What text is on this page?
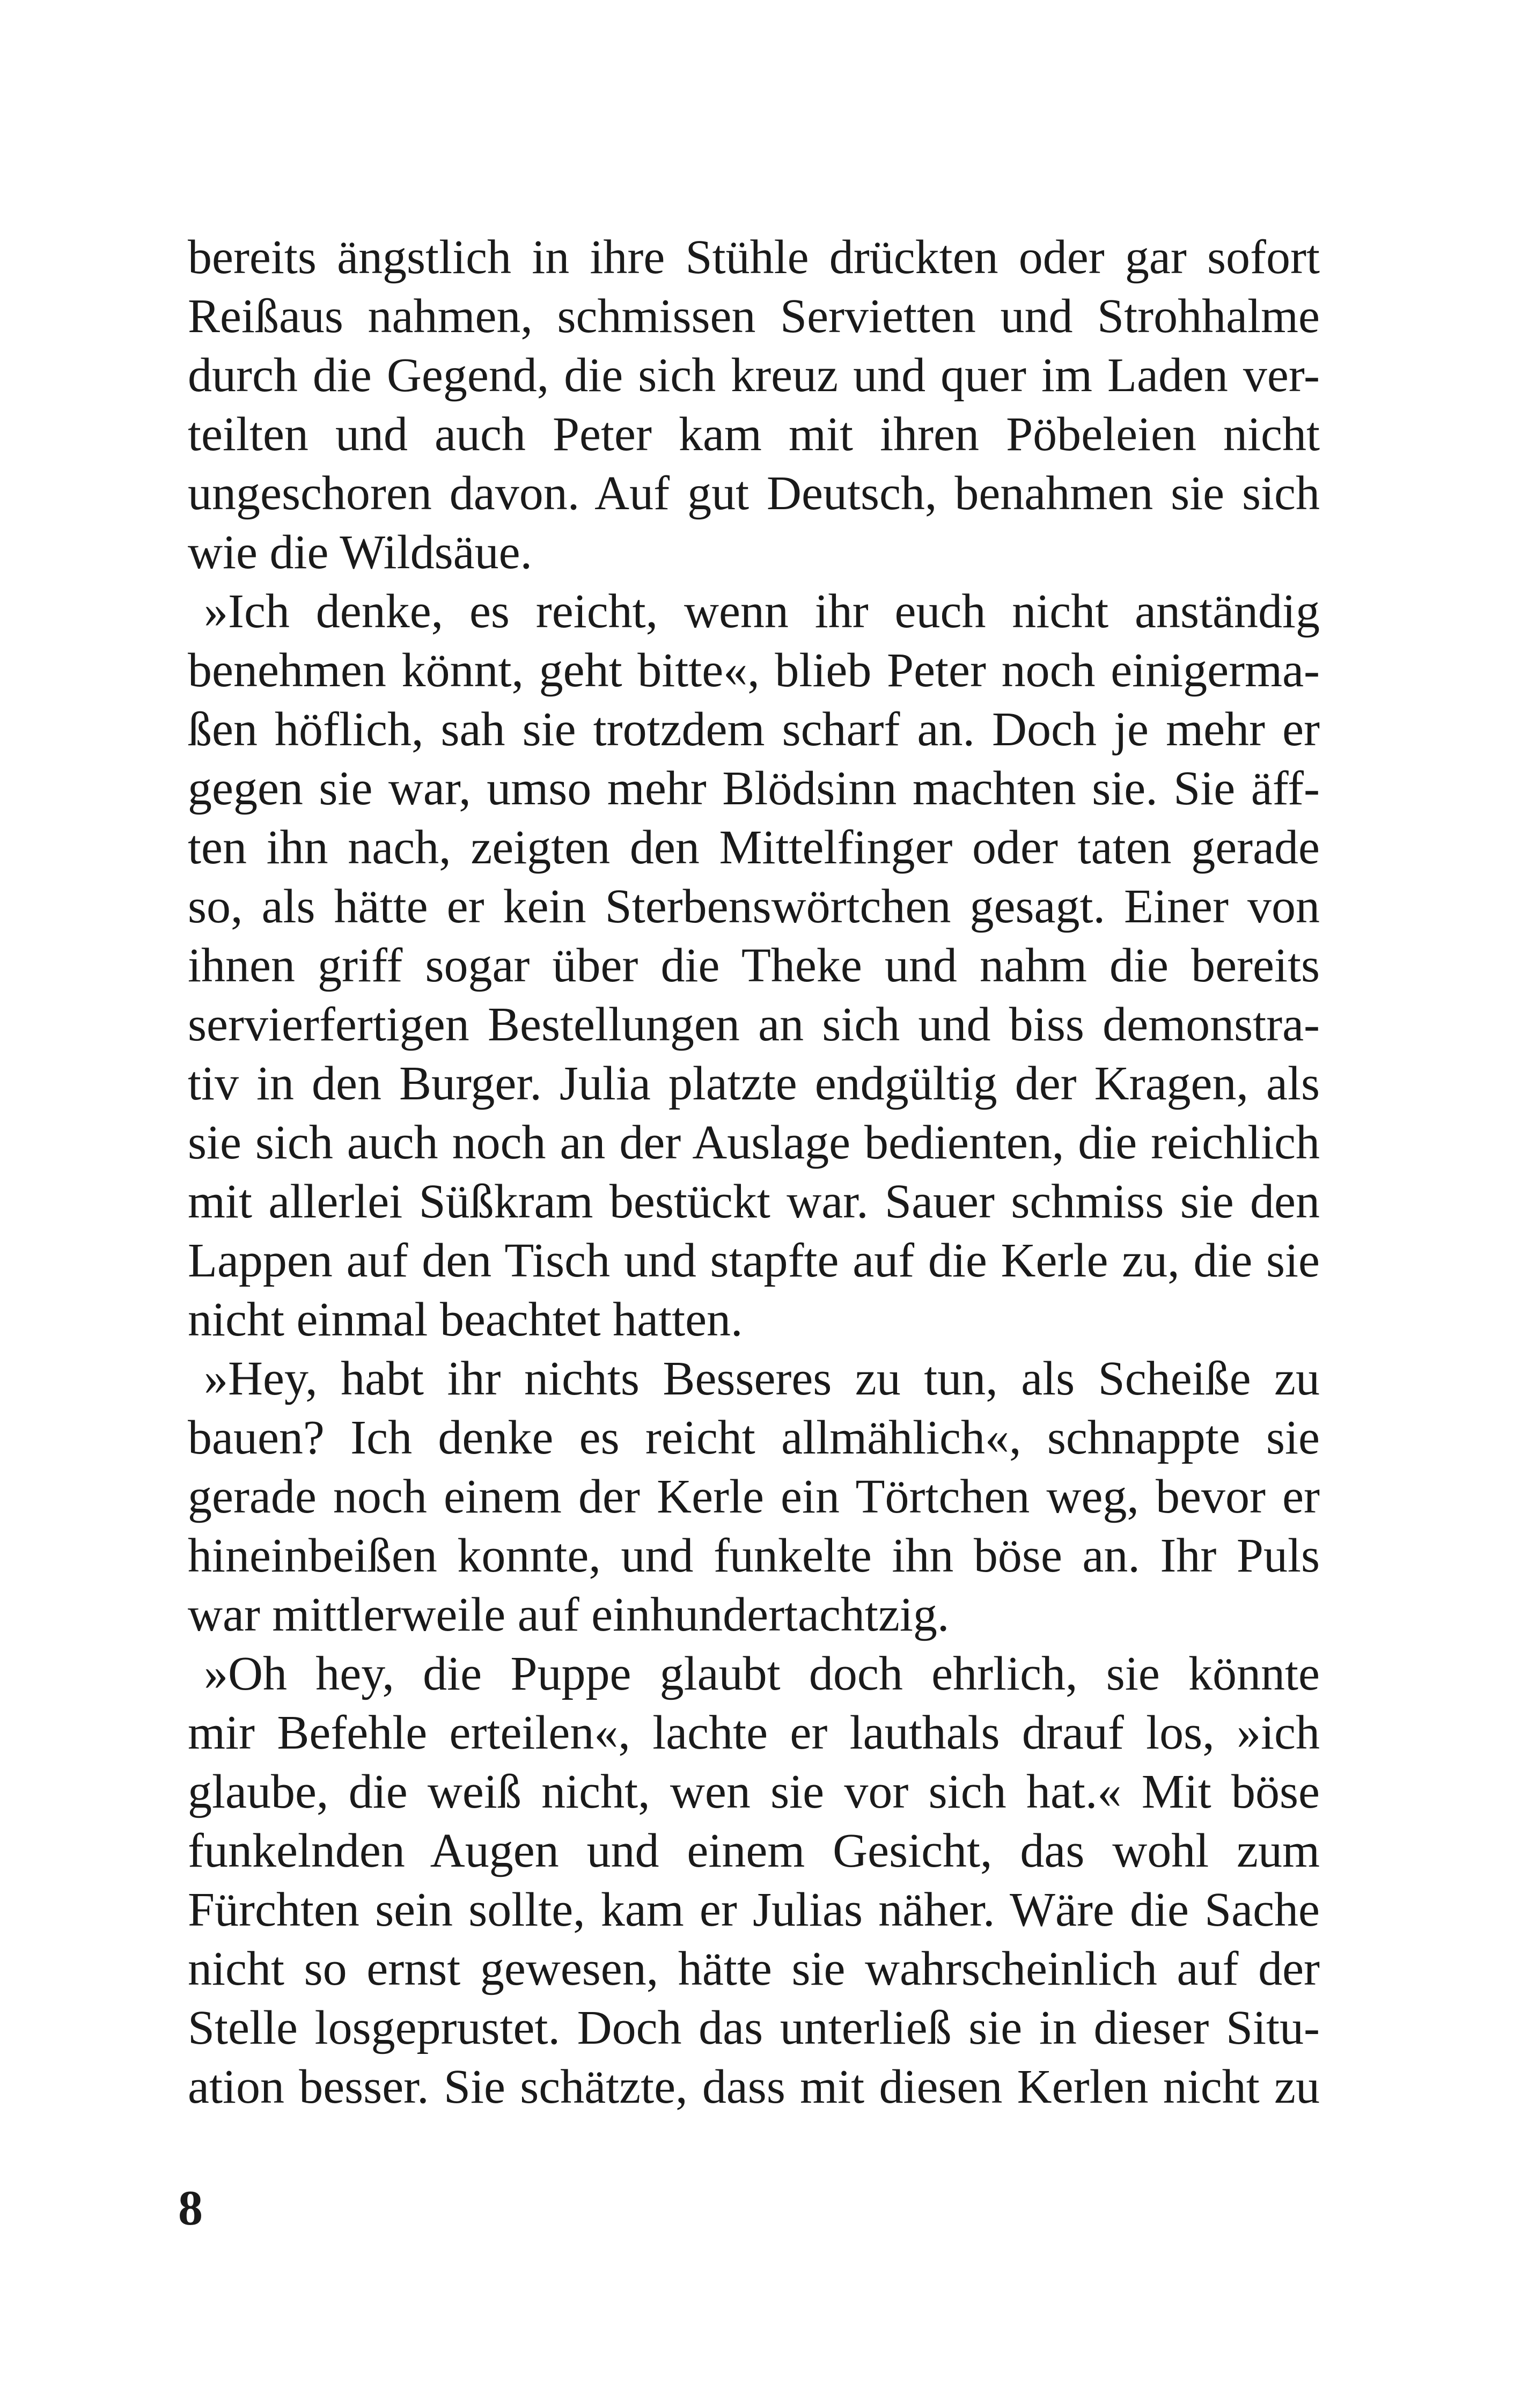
bereits ängstlich in ihre Stühle drückten oder gar sofort
Reißaus nahmen, schmissen Servietten und Strohhalme
durch die Gegend, die sich kreuz und quer im Laden ver-
teilten und auch Peter kam mit ihren Pöbeleien nicht
ungeschoren davon. Auf gut Deutsch, benahmen sie sich
wie die Wildsäue.
»Ich denke, es reicht, wenn ihr euch nicht anständig
benehmen könnt, geht bitte«, blieb Peter noch einigerma-
ßen höflich, sah sie trotzdem scharf an. Doch je mehr er
gegen sie war, umso mehr Blödsinn machten sie. Sie äff-
ten ihn nach, zeigten den Mittelfinger oder taten gerade
so, als hätte er kein Sterbenswörtchen gesagt. Einer von
ihnen griff sogar über die Theke und nahm die bereits
servierfertigen Bestellungen an sich und biss demonstra-
tiv in den Burger. Julia platzte endgültig der Kragen, als
sie sich auch noch an der Auslage bedienten, die reichlich
mit allerlei Süßkram bestückt war. Sauer schmiss sie den
Lappen auf den Tisch und stapfte auf die Kerle zu, die sie
nicht einmal beachtet hatten.
»Hey, habt ihr nichts Besseres zu tun, als Scheiße zu
bauen? Ich denke es reicht allmählich«, schnappte sie
gerade noch einem der Kerle ein Törtchen weg, bevor er
hineinbeißen konnte, und funkelte ihn böse an. Ihr Puls
war mittlerweile auf einhundertachtzig.
»Oh hey, die Puppe glaubt doch ehrlich, sie könnte
mir Befehle erteilen«, lachte er lauthals drauf los, »ich
glaube, die weiß nicht, wen sie vor sich hat.« Mit böse
funkelnden Augen und einem Gesicht, das wohl zum
Fürchten sein sollte, kam er Julias näher. Wäre die Sache
nicht so ernst gewesen, hätte sie wahrscheinlich auf der
Stelle losgeprustet. Doch das unterließ sie in dieser Situ-
ation besser. Sie schätzte, dass mit diesen Kerlen nicht zu
8
